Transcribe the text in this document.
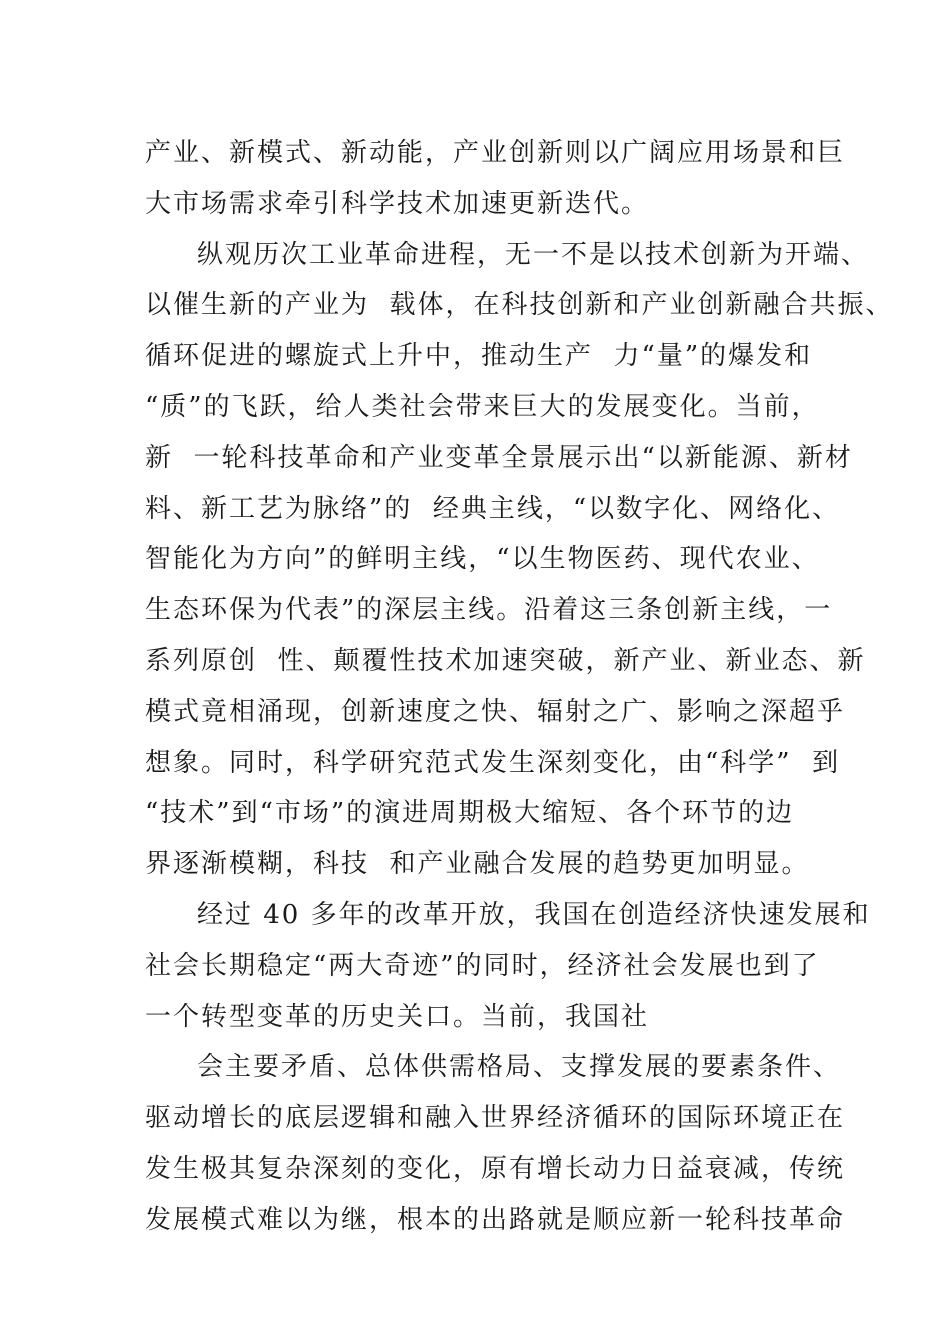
产业、新模式、新动能，产业创新则以广阔应用场景和巨
大市场需求牵引科学技术加速更新迭代。
纵观历次工业革命进程，无一不是以技术创新为开端、
以催生新的产业为  载体，在科技创新和产业创新融合共振、
循环促进的螺旋式上升中，推动生产  力“量”的爆发和
“质”的飞跃，给人类社会带来巨大的发展变化。当前，
新  一轮科技革命和产业变革全景展示出“以新能源、新材
料、新工艺为脉络”的  经典主线，“以数字化、网络化、
智能化为方向”的鲜明主线，“以生物医药、现代农业、
生态环保为代表”的深层主线。沿着这三条创新主线，一
系列原创  性、颠覆性技术加速突破，新产业、新业态、新
模式竟相涌现，创新速度之快、辐射之广、影响之深超乎
想象。同时，科学研究范式发生深刻变化，由“科学”  到
“技术”到“市场”的演进周期极大缩短、各个环节的边
界逐渐模糊，科技  和产业融合发展的趋势更加明显。
经过 40 多年的改革开放，我国在创造经济快速发展和
社会长期稳定“两大奇迹”的同时，经济社会发展也到了
一个转型变革的历史关口。当前，我国社
会主要矛盾、总体供需格局、支撑发展的要素条件、
驱动增长的底层逻辑和融入世界经济循环的国际环境正在
发生极其复杂深刻的变化，原有增长动力日益衰减，传统
发展模式难以为继，根本的出路就是顺应新一轮科技革命
